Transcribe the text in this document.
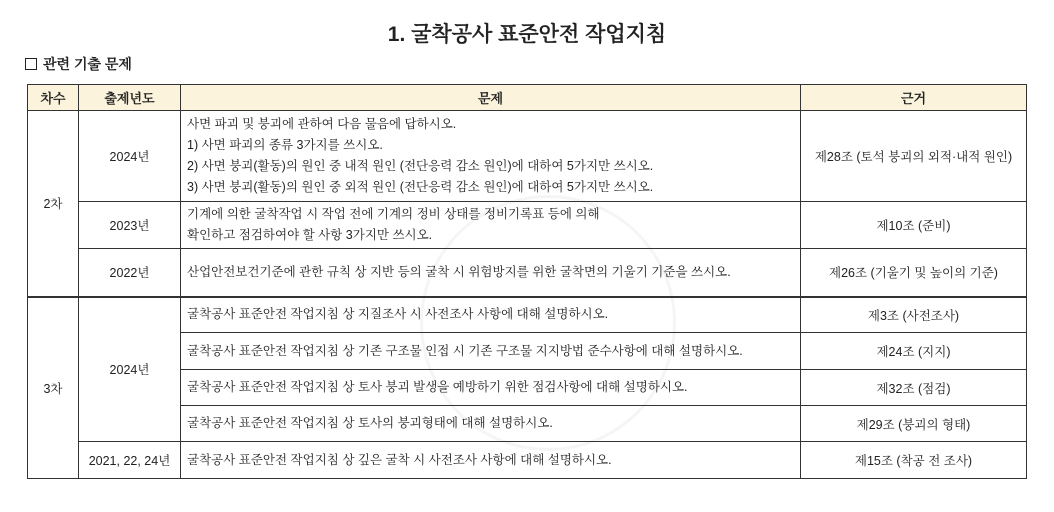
1. 굴착공사 표준안전 작업지침
관련 기출 문제
차수	출제년도	문제	근거
2차	2024년	사면 파괴 및 붕괴에 관하여 다음 물음에 답하시오.
1) 사면 파괴의 종류 3가지를 쓰시오.
2) 사면 붕괴(활동)의 원인 중 내적 원인 (전단응력 감소 원인)에 대하여 5가지만 쓰시오.
3) 사면 붕괴(활동)의 원인 중 외적 원인 (전단응력 감소 원인)에 대하여 5가지만 쓰시오.	제28조 (토석 붕괴의 외적·내적 원인)
	2023년	기계에 의한 굴착작업 시 작업 전에 기계의 정비 상태를 정비기록표 등에 의해
확인하고 점검하여야 할 사항 3가지만 쓰시오.	제10조 (준비)
	2022년	산업안전보건기준에 관한 규칙 상 지반 등의 굴착 시 위험방지를 위한 굴착면의 기울기 기준을 쓰시오.	제26조 (기울기 및 높이의 기준)
3차	2024년	굴착공사 표준안전 작업지침 상 지질조사 시 사전조사 사항에 대해 설명하시오.	제3조 (사전조사)

		굴착공사 표준안전 작업지침 상 기존 구조물 인접 시 기존 구조물 지지방법 준수사항에 대해 설명하시오.	제24조 (지지)

		굴착공사 표준안전 작업지침 상 토사 붕괴 발생을 예방하기 위한 점검사항에 대해 설명하시오.	제32조 (점검)

		굴착공사 표준안전 작업지침 상 토사의 붕괴형태에 대해 설명하시오.	제29조 (붕괴의 형태)
	2021, 22, 24년	굴착공사 표준안전 작업지침 상 깊은 굴착 시 사전조사 사항에 대해 설명하시오.	제15조 (착공 전 조사)
